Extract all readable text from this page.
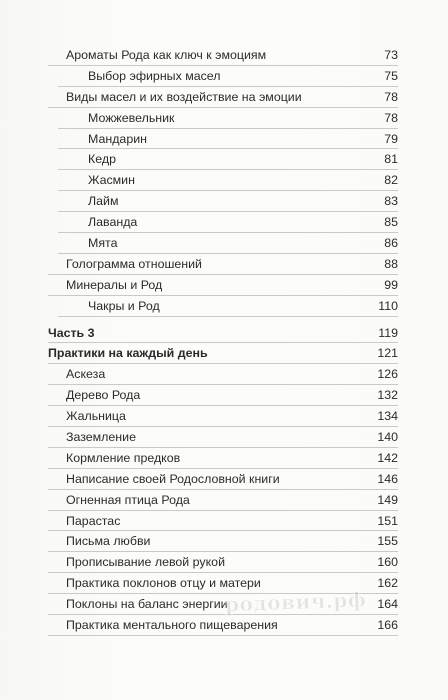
Ароматы Рода как ключ к эмоциям	73
Выбор эфирных масел	75
Виды масел и их воздействие на эмоции	78
Можжевельник	78
Мандарин	79
Кедр	81
Жасмин	82
Лайм	83
Лаванда	85
Мята	86
Голограмма отношений	88
Минералы и Род	99
Чакры и Род	110
Часть 3	119
Практики на каждый день	121
Аскеза	126
Дерево Рода	132
Жальница	134
Заземление	140
Кормление предков	142
Написание своей Родословной книги	146
Огненная птица Рода	149
Парастас	151
Письма любви	155
Прописывание левой рукой	160
Практика поклонов отцу и матери	162
Поклоны на баланс энергии	164
Практика ментального пищеварения	166
родович.рф
